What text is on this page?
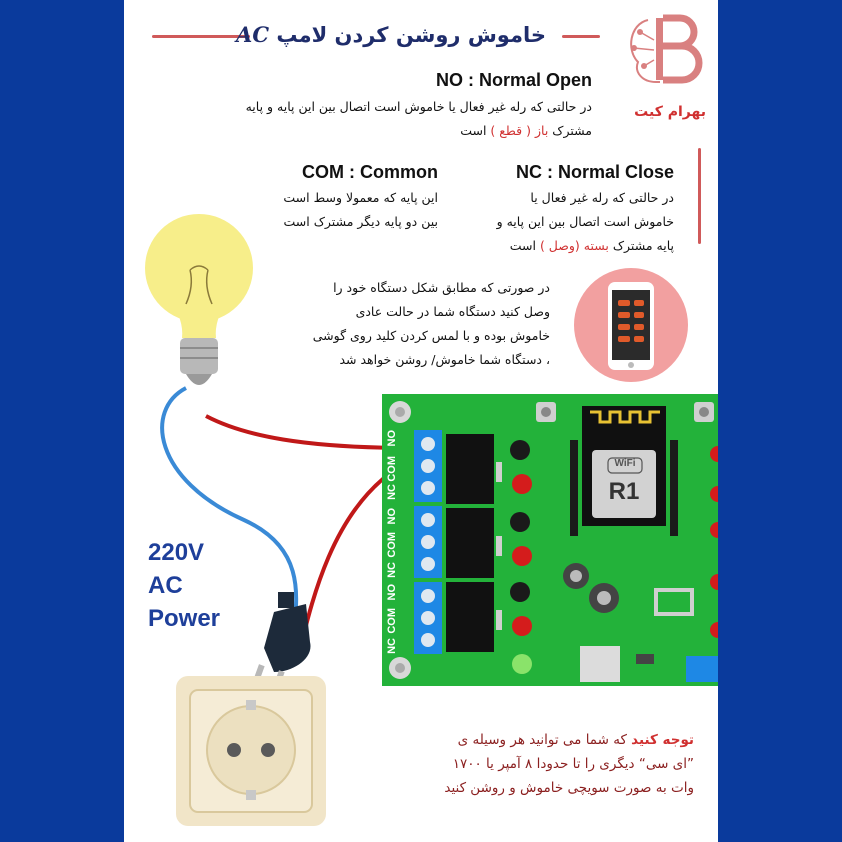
خاموش روشن کردن لامپ AC
بهرام کیت
NO : Normal Open
در حالتی که رله غیر فعال یا خاموش است اتصال بین این پایه و پایه
مشترک باز ( قطع ) است
NC : Normal Close
در حالتی که رله غیر فعال یا
خاموش است اتصال بین این پایه و
پایه مشترک بسته (وصل ) است
COM : Common
این پایه که معمولا وسط است
بین دو پایه دیگر مشترک است
در صورتی که مطابق شکل دستگاه خود را
وصل کنید دستگاه شما در حالت عادی
خاموش بوده و با لمس کردن کلید روی گوشی
، دستگاه شما خاموش/ روشن خواهد شد
NO
COM
NC
NO
COM
NC
NO
COM
NC
WiFi
R1
220V
AC
Power
توجه کنید که شما می توانید هر وسیله ی
”ای سی“ دیگری را تا حدودا ۸ آمپر یا ۱۷۰۰
وات به صورت سویچی خاموش و روشن کنید
